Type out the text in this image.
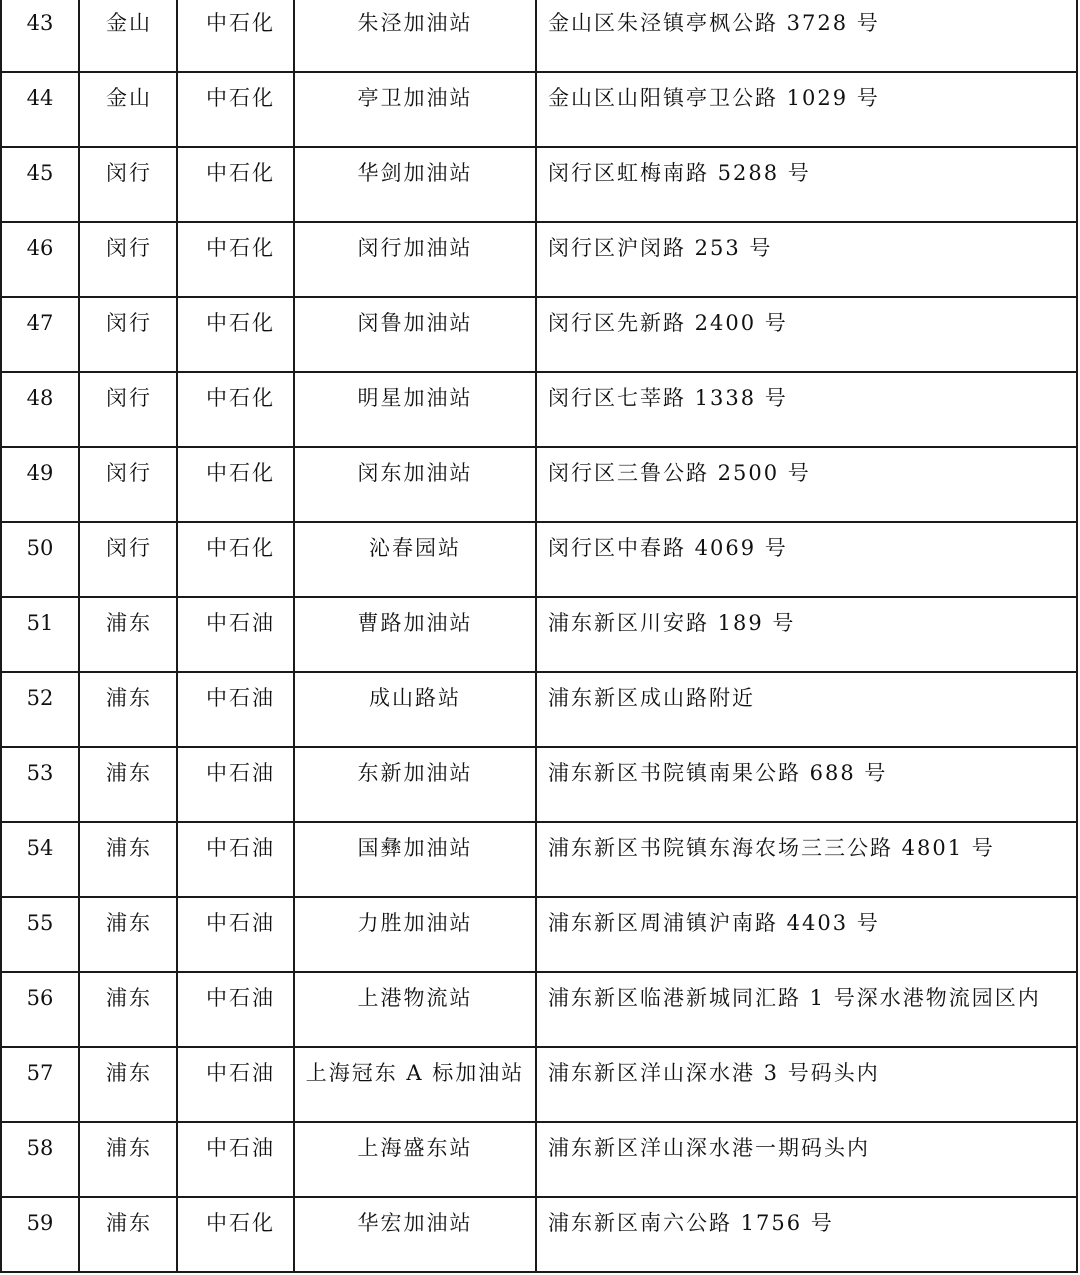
43	金山	中石化	朱泾加油站	金山区朱泾镇亭枫公路 3728 号
44	金山	中石化	亭卫加油站	金山区山阳镇亭卫公路 1029 号
45	闵行	中石化	华剑加油站	闵行区虹梅南路 5288 号
46	闵行	中石化	闵行加油站	闵行区沪闵路 253 号
47	闵行	中石化	闵鲁加油站	闵行区先新路 2400 号
48	闵行	中石化	明星加油站	闵行区七莘路 1338 号
49	闵行	中石化	闵东加油站	闵行区三鲁公路 2500 号
50	闵行	中石化	沁春园站	闵行区中春路 4069 号
51	浦东	中石油	曹路加油站	浦东新区川安路 189 号
52	浦东	中石油	成山路站	浦东新区成山路附近
53	浦东	中石油	东新加油站	浦东新区书院镇南果公路 688 号
54	浦东	中石油	国彝加油站	浦东新区书院镇东海农场三三公路 4801 号
55	浦东	中石油	力胜加油站	浦东新区周浦镇沪南路 4403 号
56	浦东	中石油	上港物流站	浦东新区临港新城同汇路 1 号深水港物流园区内
57	浦东	中石油	上海冠东 A 标加油站	浦东新区洋山深水港 3 号码头内
58	浦东	中石油	上海盛东站	浦东新区洋山深水港一期码头内
59	浦东	中石化	华宏加油站	浦东新区南六公路 1756 号
